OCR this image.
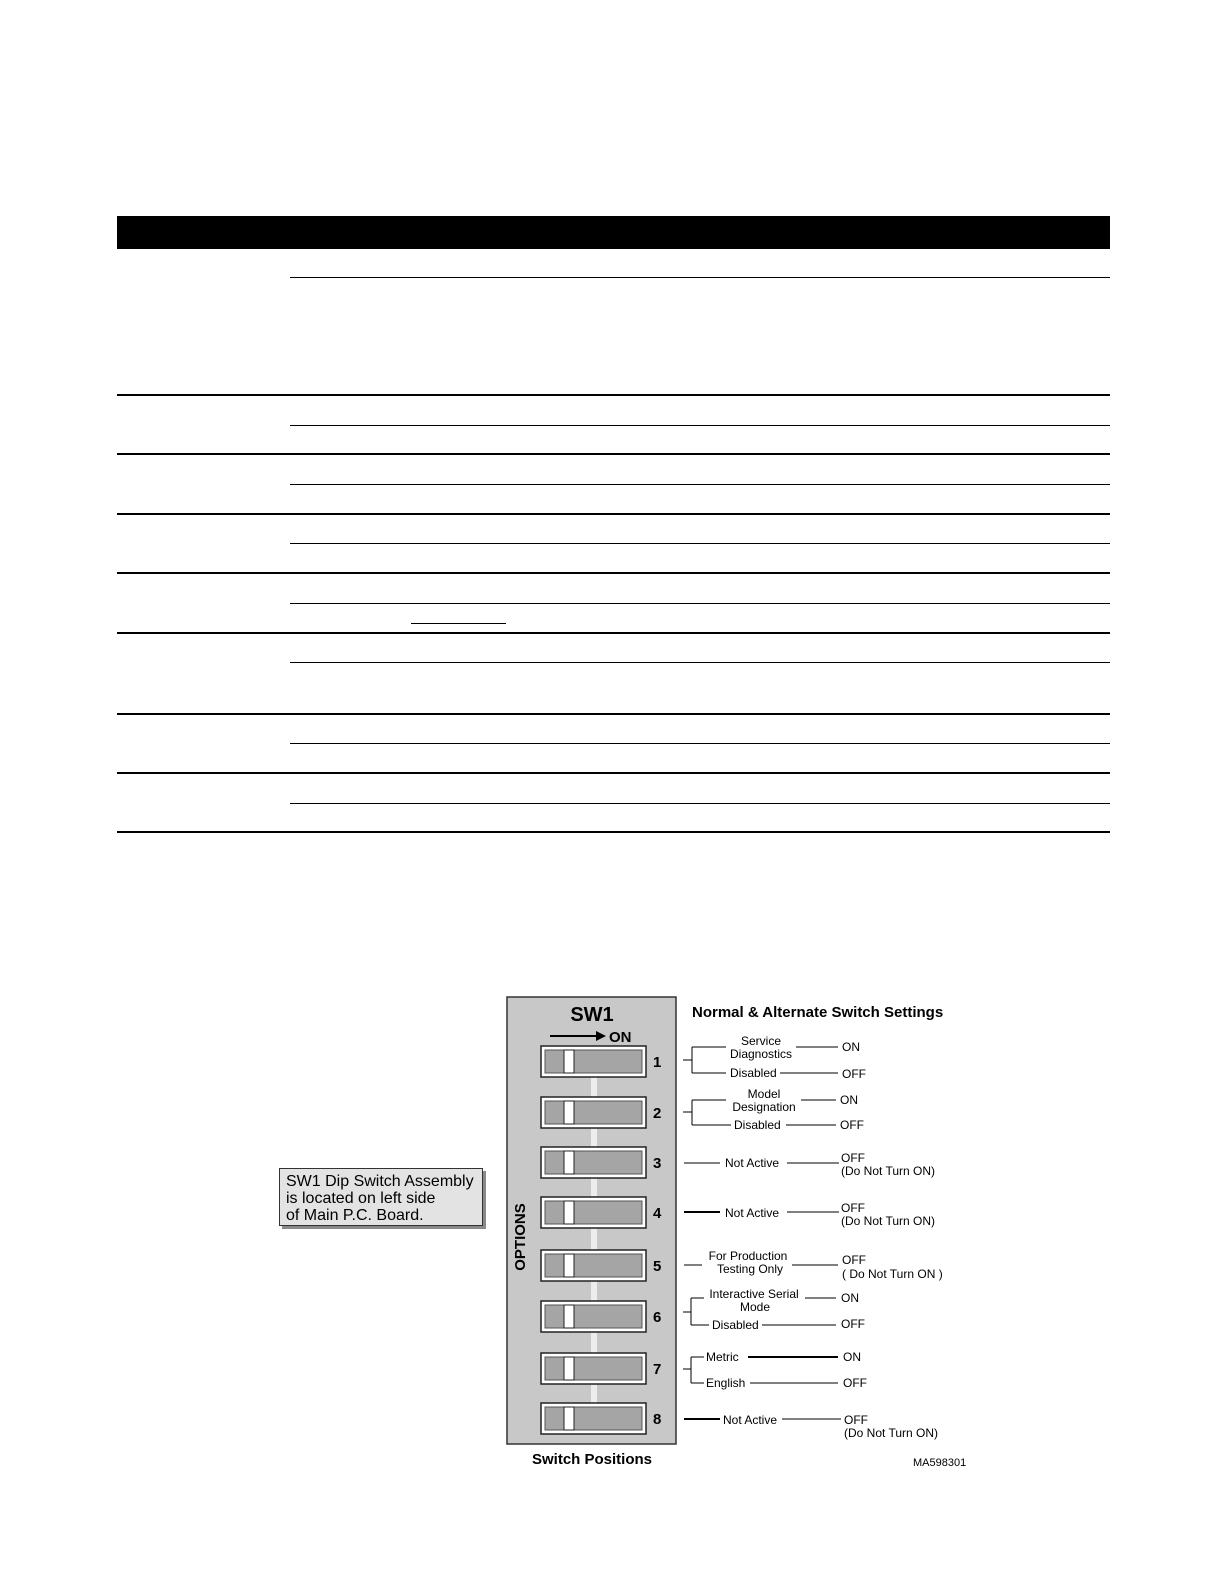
SW1 Dip Switch Assembly
is located on left side
of Main P.C. Board.
SW1
ON
OPTIONS
Normal & Alternate Switch Settings
Switch Positions	MA598301
1
Service
Diagnostics	ON
Disabled	OFF
2
Model
Designation	ON
Disabled	OFF
3	Not Active	OFF
(Do Not Turn ON)
4	Not Active	OFF
(Do Not Turn ON)
5
For Production
Testing Only
OFF
( Do Not Turn ON )
6
Interactive Serial
Mode
ON
Disabled	OFF
7
Metric	ON
English	OFF
8	Not Active	OFF
(Do Not Turn ON)
